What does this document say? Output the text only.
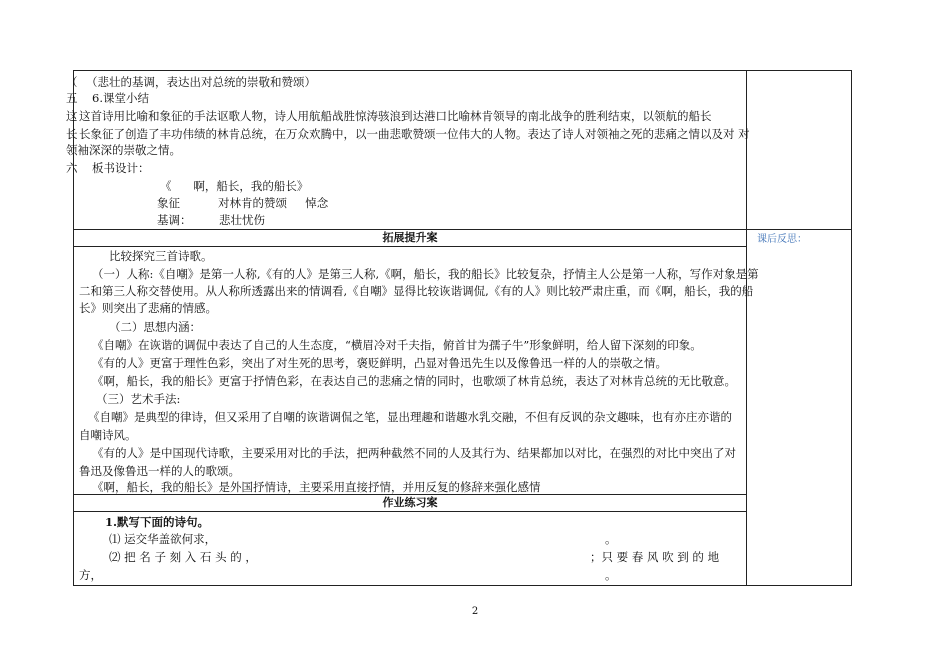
（
五
这
长
六
（悲壮的基调，表达出对总统的崇敬和赞颂）
6.课堂小结
这首诗用比喻和象征的手法讴歌人物，诗人用航船战胜惊涛骇浪到达港口比喻林肯领导的南北战争的胜利结束，以领航的船长
长象征了创造了丰功伟绩的林肯总统，在万众欢腾中，以一曲悲歌赞颂一位伟大的人物。表达了诗人对领袖之死的悲痛之情以及对 对
领袖深深的崇敬之情。
板书设计：
《      啊，船长，我的船长》
象征	对林肯的赞颂     悼念
基调： 悲壮忧伤
拓展提升案	课后反思：
比较探究三首诗歌。
（一）人称:《自嘲》是第一人称,《有的人》是第三人称,《啊，船长，我的船长》比较复杂，抒情主人公是第一人称，写作对象是第
二和第三人称交替使用。从人称所透露出来的情调看,《自嘲》显得比较诙谐调侃,《有的人》则比较严肃庄重，而《啊，船长，我的船
长》则突出了悲痛的情感。
（二）思想内涵：
《自嘲》在诙谐的调侃中表达了自己的人生态度，“横眉冷对千夫指，俯首甘为孺子牛”形象鲜明，给人留下深刻的印象。
《有的人》更富于理性色彩，突出了对生死的思考，褒贬鲜明，凸显对鲁迅先生以及像鲁迅一样的人的崇敬之情。
《啊，船长，我的船长》更富于抒情色彩，在表达自己的悲痛之情的同时，也歌颂了林肯总统，表达了对林肯总统的无比敬意。
（三）艺术手法:
《自嘲》是典型的律诗，但又采用了自嘲的诙谐调侃之笔，显出理趣和谐趣水乳交融，不但有反讽的杂文趣味，也有亦庄亦谐的
自嘲诗风。
《有的人》是中国现代诗歌，主要采用对比的手法，把两种截然不同的人及其行为、结果都加以对比，在强烈的对比中突出了对
鲁迅及像鲁迅一样的人的歌颂。
《啊，船长，我的船长》是外国抒情诗，主要采用直接抒情，并用反复的修辞来强化感情
作业练习案
1.默写下面的诗句。
⑴ 运交华盖欲何求，	。
⑵ 把 名 子 刻 入 石 头 的 ，	；只 要 春 风 吹 到 的 地
方，	。
2
